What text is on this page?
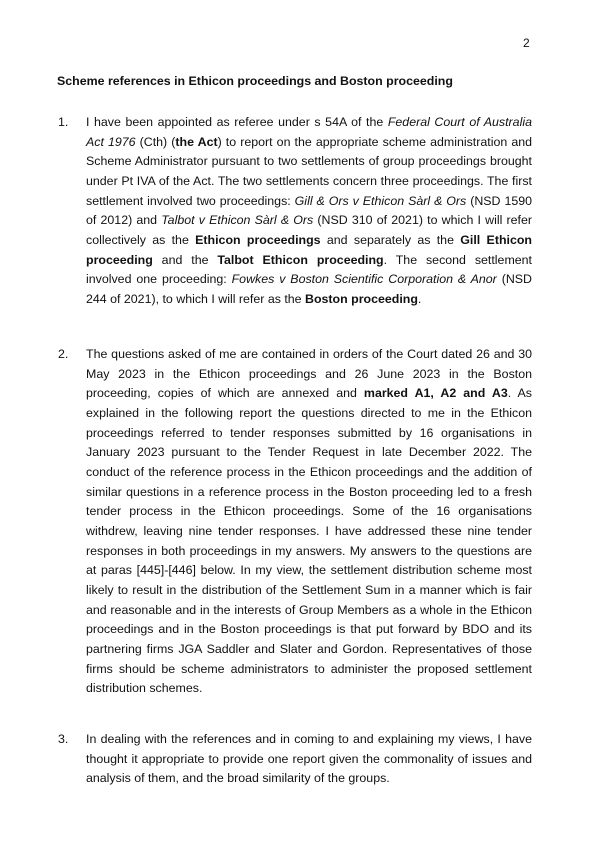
2
Scheme references in Ethicon proceedings and Boston proceeding
1. I have been appointed as referee under s 54A of the Federal Court of Australia Act 1976 (Cth) (the Act) to report on the appropriate scheme administration and Scheme Administrator pursuant to two settlements of group proceedings brought under Pt IVA of the Act. The two settlements concern three proceedings. The first settlement involved two proceedings: Gill & Ors v Ethicon Sàrl & Ors (NSD 1590 of 2012) and Talbot v Ethicon Sàrl & Ors (NSD 310 of 2021) to which I will refer collectively as the Ethicon proceedings and separately as the Gill Ethicon proceeding and the Talbot Ethicon proceeding. The second settlement involved one proceeding: Fowkes v Boston Scientific Corporation & Anor (NSD 244 of 2021), to which I will refer as the Boston proceeding.
2. The questions asked of me are contained in orders of the Court dated 26 and 30 May 2023 in the Ethicon proceedings and 26 June 2023 in the Boston proceeding, copies of which are annexed and marked A1, A2 and A3. As explained in the following report the questions directed to me in the Ethicon proceedings referred to tender responses submitted by 16 organisations in January 2023 pursuant to the Tender Request in late December 2022. The conduct of the reference process in the Ethicon proceedings and the addition of similar questions in a reference process in the Boston proceeding led to a fresh tender process in the Ethicon proceedings. Some of the 16 organisations withdrew, leaving nine tender responses. I have addressed these nine tender responses in both proceedings in my answers. My answers to the questions are at paras [445]-[446] below. In my view, the settlement distribution scheme most likely to result in the distribution of the Settlement Sum in a manner which is fair and reasonable and in the interests of Group Members as a whole in the Ethicon proceedings and in the Boston proceedings is that put forward by BDO and its partnering firms JGA Saddler and Slater and Gordon. Representatives of those firms should be scheme administrators to administer the proposed settlement distribution schemes.
3. In dealing with the references and in coming to and explaining my views, I have thought it appropriate to provide one report given the commonality of issues and analysis of them, and the broad similarity of the groups.
